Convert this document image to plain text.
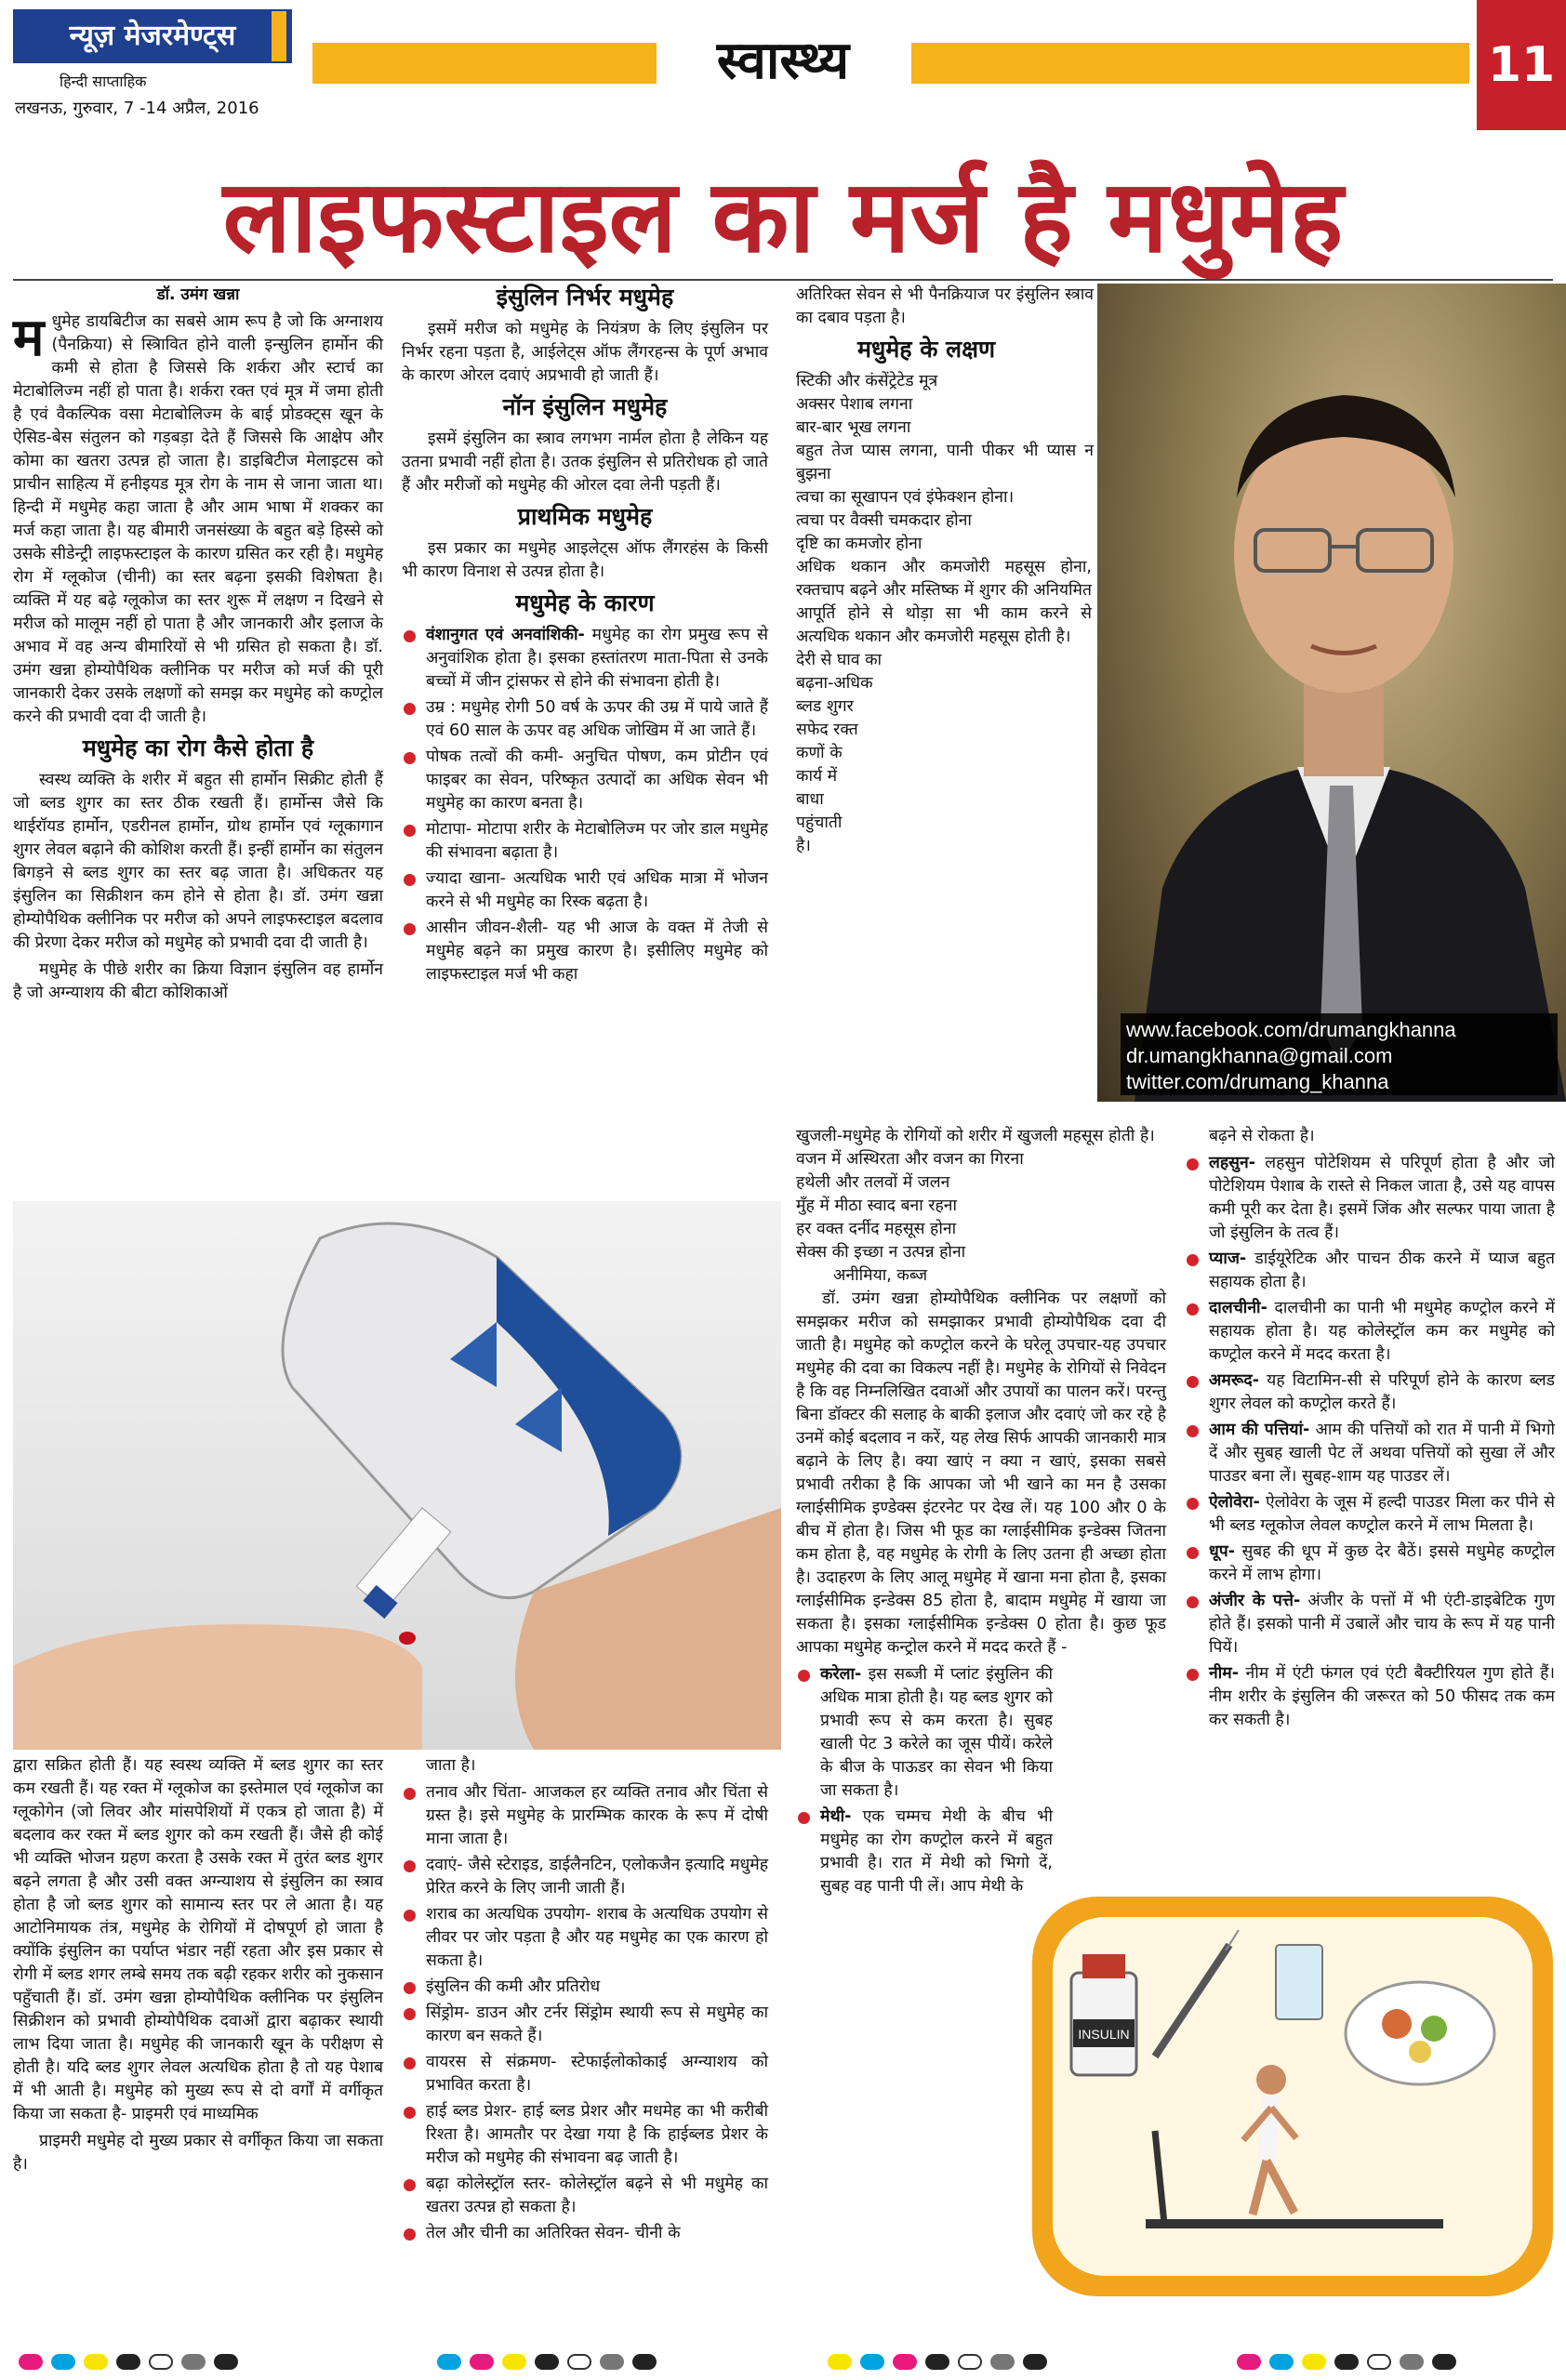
न्यूज़ मेजरमेण्ट्स
हिन्दी साप्ताहिक
लखनऊ, गुरुवार, 7 -14 अप्रैल, 2016
स्वास्थ्य	11
लाइफस्टाइल का मर्ज है मधुमेह
www.facebook.com/drumangkhanna
dr.umangkhanna@gmail.com
twitter.com/drumang_khanna
डॉ. उमंग खन्ना

म धुमेह डायबिटीज का सबसे आम रूप है जो कि अग्नाशय (पैनक्रिया) से स्त्रिावित होने वाली इन्सुलिन हार्मोन की कमी से होता है जिससे कि शर्करा और स्टार्च का मेटाबोलिज्म नहीं हो पाता है। शर्करा रक्त एवं मूत्र में जमा होती है एवं वैकल्पिक वसा मेटाबोलिज्म के बाई प्रोडक्ट्स खून के ऐसिड-बेस संतुलन को गड़बड़ा देते हैं जिससे कि आक्षेप और कोमा का खतरा उत्पन्न हो जाता है। डाइबिटीज मेलाइटस को प्राचीन साहित्य में हनीइयड मूत्र रोग के नाम से जाना जाता था। हिन्दी में मधुमेह कहा जाता है और आम भाषा में शक्कर का मर्ज कहा जाता है। यह बीमारी जनसंख्या के बहुत बड़े हिस्से को उसके सीडेन्ट्री लाइफस्टाइल के कारण ग्रसित कर रही है। मधुमेह रोग में ग्लूकोज (चीनी) का स्तर बढ़ना इसकी विशेषता है। व्यक्ति में यह बढ़े ग्लूकोज का स्तर शुरू में लक्षण न दिखने से मरीज को मालूम नहीं हो पाता है और जानकारी और इलाज के अभाव में वह अन्य बीमारियों से भी ग्रसित हो सकता है। डॉ. उमंग खन्ना होम्योपैथिक क्लीनिक पर मरीज को मर्ज की पूरी जानकारी देकर उसके लक्षणों को समझ कर मधुमेह को कण्ट्रोल करने की प्रभावी दवा दी जाती है।

मधुमेह का रोग कैसे होता है

स्वस्थ व्यक्ति के शरीर में बहुत सी हार्मोन सिक्रीट होती हैं जो ब्लड शुगर का स्तर ठीक रखती हैं। हार्मोन्स जैसे कि थाईरॉयड हार्मोन, एडरीनल हार्मोन, ग्रोथ हार्मोन एवं ग्लूकागान शुगर लेवल बढ़ाने की कोशिश करती हैं। इन्हीं हार्मोन का संतुलन बिगड़ने से ब्लड शुगर का स्तर बढ़ जाता है। अधिकतर यह इंसुलिन का सिक्रीशन कम होने से होता है। डॉ. उमंग खन्ना होम्योपैथिक क्लीनिक पर मरीज को अपने लाइफस्टाइल बदलाव की प्रेरणा देकर मरीज को मधुमेह को प्रभावी दवा दी जाती है।

मधुमेह के पीछे शरीर का क्रिया विज्ञान इंसुलिन वह हार्मोन है जो अग्न्याशय की बीटा कोशिकाओं

इंसुलिन निर्भर मधुमेह

इसमें मरीज को मधुमेह के नियंत्रण के लिए इंसुलिन पर निर्भर रहना पड़ता है, आईलेट्स ऑफ लैंगरहन्स के पूर्ण अभाव के कारण ओरल दवाएं अप्रभावी हो जाती हैं।

नॉन इंसुलिन मधुमेह

इसमें इंसुलिन का स्त्राव लगभग नार्मल होता है लेकिन यह उतना प्रभावी नहीं होता है। उतक इंसुलिन से प्रतिरोधक हो जाते हैं और मरीजों को मधुमेह की ओरल दवा लेनी पड़ती हैं।

प्राथमिक मधुमेह

इस प्रकार का मधुमेह आइलेट्स ऑफ लैंगरहंस के किसी भी कारण विनाश से उत्पन्न होता है।

मधुमेह के कारण
वंशानुगत एवं अनवांशिकी- मधुमेह का रोग प्रमुख रूप से अनुवांशिक होता है। इसका हस्तांतरण माता-पिता से उनके बच्चों में जीन ट्रांसफर से होने की संभावना होती है।
उम्र : मधुमेह रोगी 50 वर्ष के ऊपर की उम्र में पाये जाते हैं एवं 60 साल के ऊपर वह अधिक जोखिम में आ जाते हैं।
पोषक तत्वों की कमी- अनुचित पोषण, कम प्रोटीन एवं फाइबर का सेवन, परिष्कृत उत्पादों का अधिक सेवन भी मधुमेह का कारण बनता है।
मोटापा- मोटापा शरीर के मेटाबोलिज्म पर जोर डाल मधुमेह की संभावना बढ़ाता है।
ज्यादा खाना- अत्यधिक भारी एवं अधिक मात्रा में भोजन करने से भी मधुमेह का रिस्क बढ़ता है।
आसीन जीवन-शैली- यह भी आज के वक्त में तेजी से मधुमेह बढ़ने का प्रमुख कारण है। इसीलिए मधुमेह को लाइफस्टाइल मर्ज भी कहा

अतिरिक्त सेवन से भी पैनक्रियाज पर इंसुलिन स्त्राव का दबाव पड़ता है।

मधुमेह के लक्षण
स्टिकी और कंसेंट्रेटेड मूत्र
अक्सर पेशाब लगना
बार-बार भूख लगना
बहुत तेज प्यास लगना, पानी पीकर भी प्यास न बुझना
त्वचा का सूखापन एवं इंफेक्शन होना।
त्वचा पर वैक्सी चमकदार होना
दृष्टि का कमजोर होना
अधिक थकान और कमजोरी महसूस होना, रक्तचाप बढ़ने और मस्तिष्क में शुगर की अनियमित आपूर्ति होने से थोड़ा सा भी काम करने से अत्यधिक थकान और कमजोरी महसूस होती है।
देरी से घाव का
बढ़ना-अधिक
ब्लड शुगर
सफेद रक्त
कणों के
कार्य में
बाधा
पहुंचाती
है।
खुजली-मधुमेह के रोगियों को शरीर में खुजली महसूस होती है।
वजन में अस्थिरता और वजन का गिरना
हथेली और तलवों में जलन
मुँह में मीठा स्वाद बना रहना
हर वक्त दर्नीद महसूस होना
सेक्स की इच्छा न उत्पन्न होना
अनीमिया, कब्ज

डॉ. उमंग खन्ना होम्योपैथिक क्लीनिक पर लक्षणों को समझकर मरीज को समझाकर प्रभावी होम्योपैथिक दवा दी जाती है। मधुमेह को कण्ट्रोल करने के घरेलू उपचार-यह उपचार मधुमेह की दवा का विकल्प नहीं है। मधुमेह के रोगियों से निवेदन है कि वह निम्नलिखित दवाओं और उपायों का पालन करें। परन्तु बिना डॉक्टर की सलाह के बाकी इलाज और दवाएं जो कर रहे है उनमें कोई बदलाव न करें, यह लेख सिर्फ आपकी जानकारी मात्र बढ़ाने के लिए है। क्या खाएं न क्या न खाएं, इसका सबसे प्रभावी तरीका है कि आपका जो भी खाने का मन है उसका ग्लाईसीमिक इण्डेक्स इंटरनेट पर देख लें। यह 100 और 0 के बीच में होता है। जिस भी फूड का ग्लाईसीमिक इन्डेक्स जितना कम होता है, वह मधुमेह के रोगी के लिए उतना ही अच्छा होता है। उदाहरण के लिए आलू मधुमेह में खाना मना होता है, इसका ग्लाईसीमिक इन्डेक्स 85 होता है, बादाम मधुमेह में खाया जा सकता है। इसका ग्लाईसीमिक इन्डेक्स 0 होता है। कुछ फूड आपका मधुमेह कन्ट्रोल करने में मदद करते हैं -

करेला- इस सब्जी में प्लांट इंसुलिन की अधिक मात्रा होती है। यह ब्लड शुगर को प्रभावी रूप से कम करता है। सुबह खाली पेट 3 करेले का जूस पीयें। करेले के बीज के पाऊडर का सेवन भी किया जा सकता है।
मेथी- एक चम्मच मेथी के बीच भी मधुमेह का रोग कण्ट्रोल करने में बहुत प्रभावी है। रात में मेथी को भिगो दें, सुबह वह पानी पी लें। आप मेथी के

बढ़ने से रोकता है।

लहसुन- लहसुन पोटेशियम से परिपूर्ण होता है और जो पोटेशियम पेशाब के रास्ते से निकल जाता है, उसे यह वापस कमी पूरी कर देता है। इसमें जिंक और सल्फर पाया जाता है जो इंसुलिन के तत्व हैं।
प्याज- डाईयूरेटिक और पाचन ठीक करने में प्याज बहुत सहायक होता है।
दालचीनी- दालचीनी का पानी भी मधुमेह कण्ट्रोल करने में सहायक होता है। यह कोलेस्ट्रॉल कम कर मधुमेह को कण्ट्रोल करने में मदद करता है।
अमरूद- यह विटामिन-सी से परिपूर्ण होने के कारण ब्लड शुगर लेवल को कण्ट्रोल करते हैं।
आम की पत्तियां- आम की पत्तियों को रात में पानी में भिगो दें और सुबह खाली पेट लें अथवा पत्तियों को सुखा लें और पाउडर बना लें। सुबह-शाम यह पाउडर लें।
ऐलोवेरा- ऐलोवेरा के जूस में हल्दी पाउडर मिला कर पीने से भी ब्लड ग्लूकोज लेवल कण्ट्रोल करने में लाभ मिलता है।
धूप- सुबह की धूप में कुछ देर बैठें। इससे मधुमेह कण्ट्रोल करने में लाभ होगा।
अंजीर के पत्ते- अंजीर के पत्तों में भी एंटी-डाइबेटिक गुण होते हैं। इसको पानी में उबालें और चाय के रूप में यह पानी पियें।
नीम- नीम में एंटी फंगल एवं एंटी बैक्टीरियल गुण होते हैं। नीम शरीर के इंसुलिन की जरूरत को 50 फीसद तक कम कर सकती है।
INSULIN

द्वारा सक्रित होती हैं। यह स्वस्थ व्यक्ति में ब्लड शुगर का स्तर कम रखती हैं। यह रक्त में ग्लूकोज का इस्तेमाल एवं ग्लूकोज का ग्लूकोगेन (जो लिवर और मांसपेशियों में एकत्र हो जाता है) में बदलाव कर रक्त में ब्लड शुगर को कम रखती हैं। जैसे ही कोई भी व्यक्ति भोजन ग्रहण करता है उसके रक्त में तुरंत ब्लड शुगर बढ़ने लगता है और उसी वक्त अग्न्याशय से इंसुलिन का स्त्राव होता है जो ब्लड शुगर को सामान्य स्तर पर ले आता है। यह आटोनिमायक तंत्र, मधुमेह के रोगियों में दोषपूर्ण हो जाता है क्योंकि इंसुलिन का पर्याप्त भंडार नहीं रहता और इस प्रकार से रोगी में ब्लड शगर लम्बे समय तक बढ़ी रहकर शरीर को नुकसान पहुँचाती हैं। डॉ. उमंग खन्ना होम्योपैथिक क्लीनिक पर इंसुलिन सिक्रीशन को प्रभावी होम्योपैथिक दवाओं द्वारा बढ़ाकर स्थायी लाभ दिया जाता है। मधुमेह की जानकारी खून के परीक्षण से होती है। यदि ब्लड शुगर लेवल अत्यधिक होता है तो यह पेशाब में भी आती है। मधुमेह को मुख्य रूप से दो वर्गों में वर्गीकृत किया जा सकता है- प्राइमरी एवं माध्यमिक

प्राइमरी मधुमेह दो मुख्य प्रकार से वर्गीकृत किया जा सकता है।

जाता है।

तनाव और चिंता- आजकल हर व्यक्ति तनाव और चिंता से ग्रस्त है। इसे मधुमेह के प्रारम्भिक कारक के रूप में दोषी माना जाता है।
दवाएं- जैसे स्टेराइड, डाईलैनटिन, एलोकजैन इत्यादि मधुमेह प्रेरित करने के लिए जानी जाती हैं।
शराब का अत्यधिक उपयोग- शराब के अत्यधिक उपयोग से लीवर पर जोर पड़ता है और यह मधुमेह का एक कारण हो सकता है।
इंसुलिन की कमी और प्रतिरोध
सिंड्रोम- डाउन और टर्नर सिंड्रोम स्थायी रूप से मधुमेह का कारण बन सकते हैं।
वायरस से संक्रमण- स्टेफाईलोकोकाई अग्न्याशय को प्रभावित करता है।
हाई ब्लड प्रेशर- हाई ब्लड प्रेशर और मधमेह का भी करीबी रिश्ता है। आमतौर पर देखा गया है कि हाईब्लड प्रेशर के मरीज को मधुमेह की संभावना बढ़ जाती है।
बढ़ा कोलेस्ट्रॉल स्तर- कोलेस्ट्रॉल बढ़ने से भी मधुमेह का खतरा उत्पन्न हो सकता है।
तेल और चीनी का अतिरिक्त सेवन- चीनी के
